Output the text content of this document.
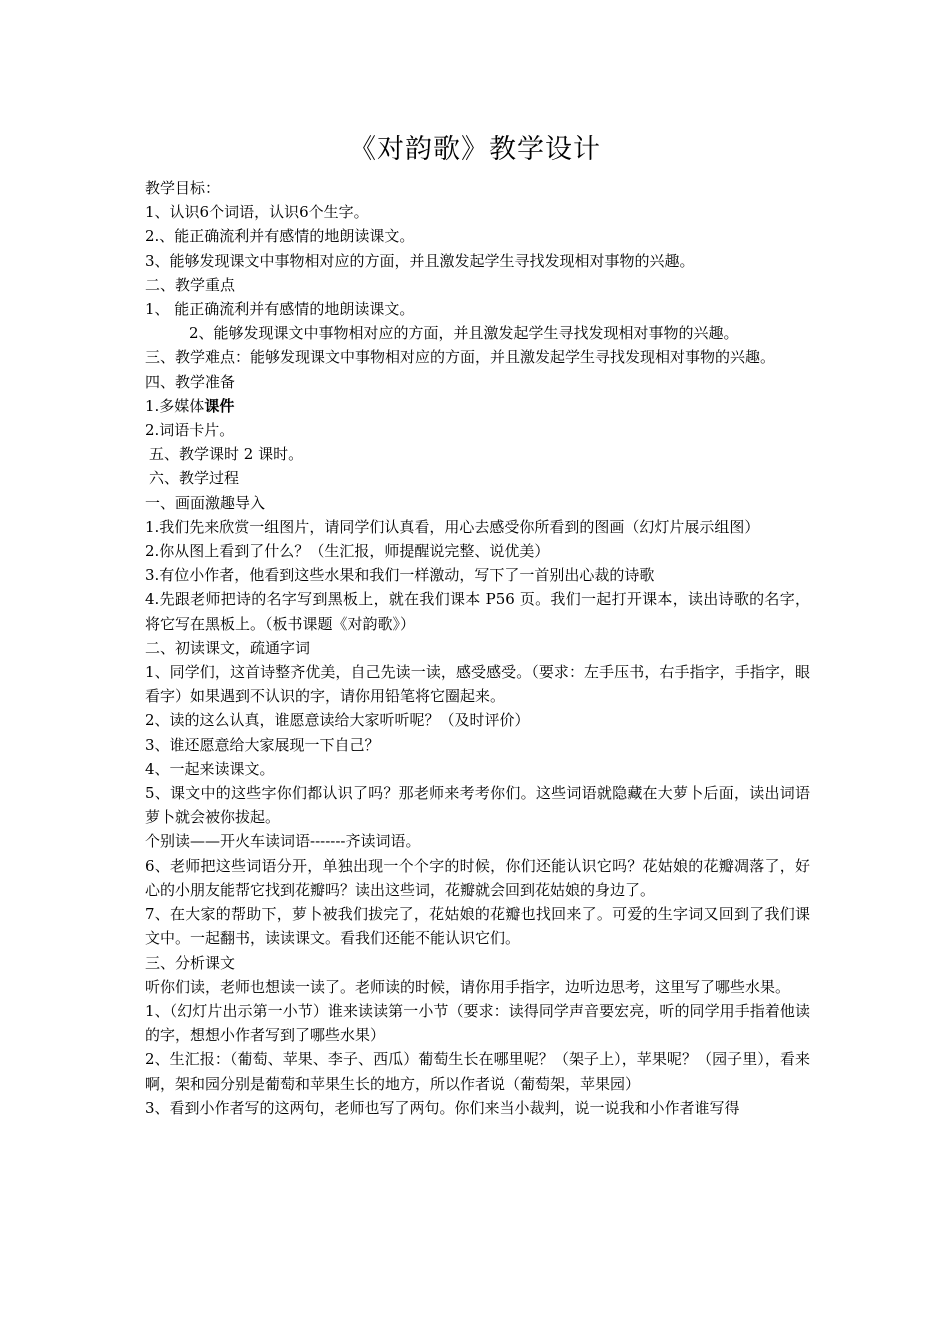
《对韵歌》教学设计
教学目标：
1、认识6个词语，认识6个生字。
2.、能正确流利并有感情的地朗读课文。
3、能够发现课文中事物相对应的方面，并且激发起学生寻找发现相对事物的兴趣。
二、教学重点
1、 能正确流利并有感情的地朗读课文。
2、能够发现课文中事物相对应的方面，并且激发起学生寻找发现相对事物的兴趣。
三、教学难点：能够发现课文中事物相对应的方面，并且激发起学生寻找发现相对事物的兴趣。
四、教学准备
1.多媒体课件
2.词语卡片。
五、教学课时 2 课时。
六、教学过程
一、画面激趣导入
1.我们先来欣赏一组图片，请同学们认真看，用心去感受你所看到的图画（幻灯片展示组图）
2.你从图上看到了什么？（生汇报，师提醒说完整、说优美）
3.有位小作者，他看到这些水果和我们一样激动，写下了一首别出心裁的诗歌
4.先跟老师把诗的名字写到黑板上，就在我们课本 P56 页。我们一起打开课本，读出诗歌的名字，将它写在黑板上。（板书课题《对韵歌》）
二、初读课文，疏通字词
1、同学们，这首诗整齐优美，自己先读一读，感受感受。（要求：左手压书，右手指字，手指字，眼看字）如果遇到不认识的字，请你用铅笔将它圈起来。
2、读的这么认真，谁愿意读给大家听听呢？（及时评价）
3、谁还愿意给大家展现一下自己？
4、一起来读课文。
5、课文中的这些字你们都认识了吗？那老师来考考你们。这些词语就隐藏在大萝卜后面，读出词语萝卜就会被你拔起。
个别读——开火车读词语-------齐读词语。
6、老师把这些词语分开，单独出现一个个字的时候，你们还能认识它吗？花姑娘的花瓣凋落了，好心的小朋友能帮它找到花瓣吗？读出这些词，花瓣就会回到花姑娘的身边了。
7、在大家的帮助下，萝卜被我们拔完了，花姑娘的花瓣也找回来了。可爱的生字词又回到了我们课文中。一起翻书，读读课文。看我们还能不能认识它们。
三、分析课文
听你们读，老师也想读一读了。老师读的时候，请你用手指字，边听边思考，这里写了哪些水果。
1、（幻灯片出示第一小节）谁来读读第一小节（要求：读得同学声音要宏亮，听的同学用手指着他读的字，想想小作者写到了哪些水果）
2、生汇报：（葡萄、苹果、李子、西瓜）葡萄生长在哪里呢？（架子上），苹果呢？（园子里），看来啊，架和园分别是葡萄和苹果生长的地方，所以作者说（葡萄架，苹果园）
3、看到小作者写的这两句，老师也写了两句。你们来当小裁判，说一说我和小作者谁写得
